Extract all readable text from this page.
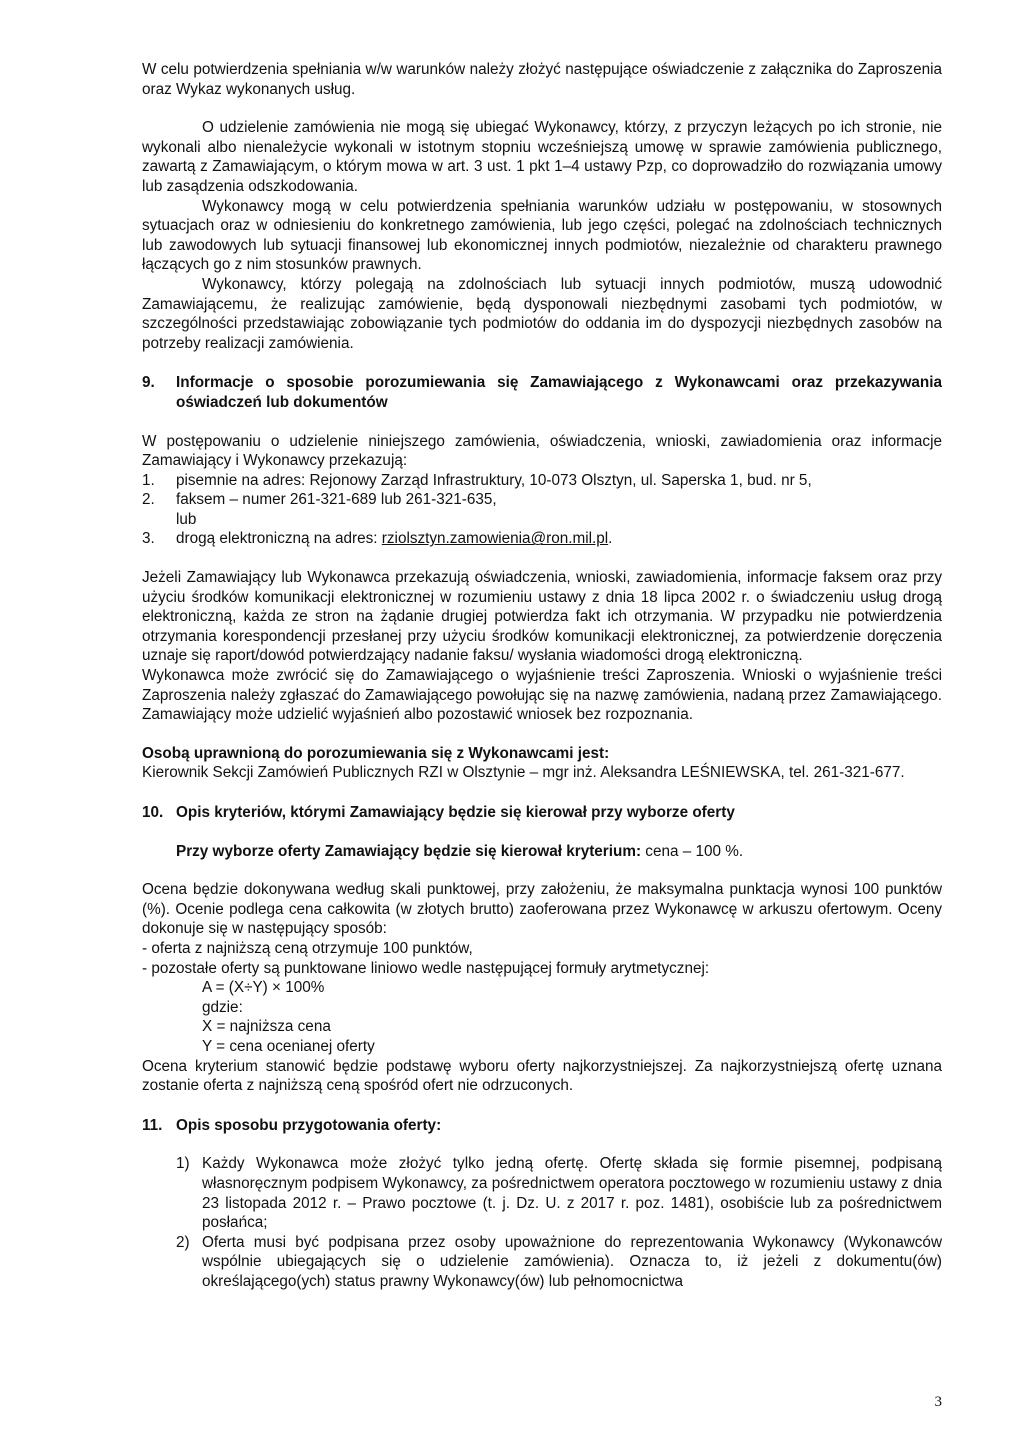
W celu potwierdzenia spełniania w/w warunków należy złożyć następujące oświadczenie z załącznika do Zaproszenia oraz Wykaz wykonanych usług.

O udzielenie zamówienia nie mogą się ubiegać Wykonawcy, którzy, z przyczyn leżących po ich stronie, nie wykonali albo nienależycie wykonali w istotnym stopniu wcześniejszą umowę w sprawie zamówienia publicznego, zawartą z Zamawiającym, o którym mowa w art. 3 ust. 1 pkt 1–4 ustawy Pzp, co doprowadziło do rozwiązania umowy lub zasądzenia odszkodowania.

Wykonawcy mogą w celu potwierdzenia spełniania warunków udziału w postępowaniu, w stosownych sytuacjach oraz w odniesieniu do konkretnego zamówienia, lub jego części, polegać na zdolnościach technicznych lub zawodowych lub sytuacji finansowej lub ekonomicznej innych podmiotów, niezależnie od charakteru prawnego łączących go z nim stosunków prawnych.

Wykonawcy, którzy polegają na zdolnościach lub sytuacji innych podmiotów, muszą udowodnić Zamawiającemu, że realizując zamówienie, będą dysponowali niezbędnymi zasobami tych podmiotów, w szczególności przedstawiając zobowiązanie tych podmiotów do oddania im do dyspozycji niezbędnych zasobów na potrzeby realizacji zamówienia.

9.	Informacje o sposobie porozumiewania się Zamawiającego z Wykonawcami oraz przekazywania oświadczeń lub dokumentów

W postępowaniu o udzielenie niniejszego zamówienia, oświadczenia, wnioski, zawiadomienia oraz informacje Zamawiający i Wykonawcy przekazują:

1.	pisemnie na adres: Rejonowy Zarząd Infrastruktury, 10-073 Olsztyn, ul. Saperska 1, bud. nr 5,
2.	faksem – numer 261-321-689 lub 261-321-635,
lub
3.	drogą elektroniczną na adres: rziolsztyn.zamowienia@ron.mil.pl.

Jeżeli Zamawiający lub Wykonawca przekazują oświadczenia, wnioski, zawiadomienia, informacje faksem oraz przy użyciu środków komunikacji elektronicznej w rozumieniu ustawy z dnia 18 lipca 2002 r. o świadczeniu usług drogą elektroniczną, każda ze stron na żądanie drugiej potwierdza fakt ich otrzymania. W przypadku nie potwierdzenia otrzymania korespondencji przesłanej przy użyciu środków komunikacji elektronicznej, za potwierdzenie doręczenia uznaje się raport/dowód potwierdzający nadanie faksu/ wysłania wiadomości drogą elektroniczną.

Wykonawca może zwrócić się do Zamawiającego o wyjaśnienie treści Zaproszenia. Wnioski o wyjaśnienie treści Zaproszenia należy zgłaszać do Zamawiającego powołując się na nazwę zamówienia, nadaną przez Zamawiającego. Zamawiający może udzielić wyjaśnień albo pozostawić wniosek bez rozpoznania.

Osobą uprawnioną do porozumiewania się z Wykonawcami jest:

Kierownik Sekcji Zamówień Publicznych RZI w Olsztynie – mgr inż. Aleksandra LEŚNIEWSKA, tel. 261-321-677.

10. Opis kryteriów, którymi Zamawiający będzie się kierował przy wyborze oferty
Przy wyborze oferty Zamawiający będzie się kierował kryterium: cena – 100 %.

Ocena będzie dokonywana według skali punktowej, przy założeniu, że maksymalna punktacja wynosi 100 punktów (%). Ocenie podlega cena całkowita (w złotych brutto) zaoferowana przez Wykonawcę w arkuszu ofertowym. Oceny dokonuje się w następujący sposób:

- oferta z najniższą ceną otrzymuje 100 punktów,

- pozostałe oferty są punktowane liniowo wedle następującej formuły arytmetycznej:

A = (X÷Y) × 100%
gdzie:
X = najniższa cena
Y = cena ocenianej oferty

Ocena kryterium stanowić będzie podstawę wyboru oferty najkorzystniejszej. Za najkorzystniejszą ofertę uznana zostanie oferta z najniższą ceną spośród ofert nie odrzuconych.

11. Opis sposobu przygotowania oferty:
1) Każdy Wykonawca może złożyć tylko jedną ofertę. Ofertę składa się formie pisemnej, podpisaną własnoręcznym podpisem Wykonawcy, za pośrednictwem operatora pocztowego w rozumieniu ustawy z dnia 23 listopada 2012 r. – Prawo pocztowe (t. j. Dz. U. z 2017 r. poz. 1481), osobiście lub za pośrednictwem posłańca;
2) Oferta musi być podpisana przez osoby upoważnione do reprezentowania Wykonawcy (Wykonawców wspólnie ubiegających się o udzielenie zamówienia). Oznacza to, iż jeżeli z dokumentu(ów) określającego(ych) status prawny Wykonawcy(ów) lub pełnomocnictwa
3
